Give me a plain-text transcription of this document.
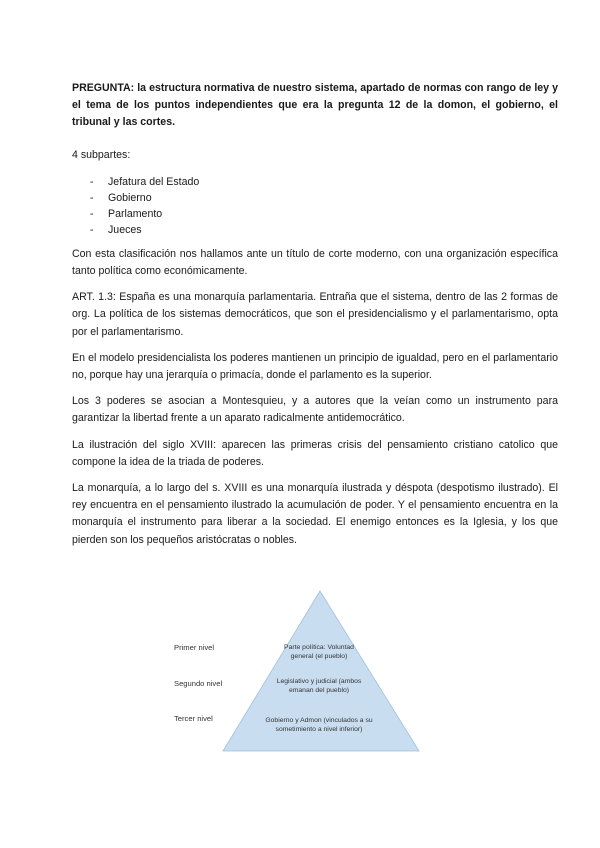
PREGUNTA: la estructura normativa de nuestro sistema, apartado de normas con rango de ley y el tema de los puntos independientes que era la pregunta 12 de la domon, el gobierno, el tribunal y las cortes.

4 subpartes:

- Jefatura del Estado
- Gobierno
- Parlamento
- Jueces

Con esta clasificación nos hallamos ante un título de corte moderno, con una organización específica tanto política como económicamente.

ART. 1.3: España es una monarquía parlamentaria. Entraña que el sistema, dentro de las 2 formas de org. La política de los sistemas democráticos, que son el presidencialismo y el parlamentarismo, opta por el parlamentarismo.

En el modelo presidencialista los poderes mantienen un principio de igualdad, pero en el parlamentario no, porque hay una jerarquía o primacía, donde el parlamento es la superior.

Los 3 poderes se asocian a Montesquieu, y a autores que la veían como un instrumento para garantizar la libertad frente a un aparato radicalmente antidemocrático.

La ilustración del siglo XVIII: aparecen las primeras crisis del pensamiento cristiano catolico que compone la idea de la triada de poderes.

La monarquía, a lo largo del s. XVIII es una monarquía ilustrada y déspota (despotismo ilustrado). El rey encuentra en el pensamiento ilustrado la acumulación de poder. Y el pensamiento encuentra en la monarquía el instrumento para liberar a la sociedad. El enemigo entonces es la Iglesia, y los que pierden son los pequeños aristócratas o nobles.

Primer nivel
Segundo nivel
Tercer nivel
Parte política: Voluntad general (el pueblo)
Legislativo y judicial (ambos emanan del pueblo)
Gobierno y Admon (vinculados a su sometimiento a nivel inferior)
